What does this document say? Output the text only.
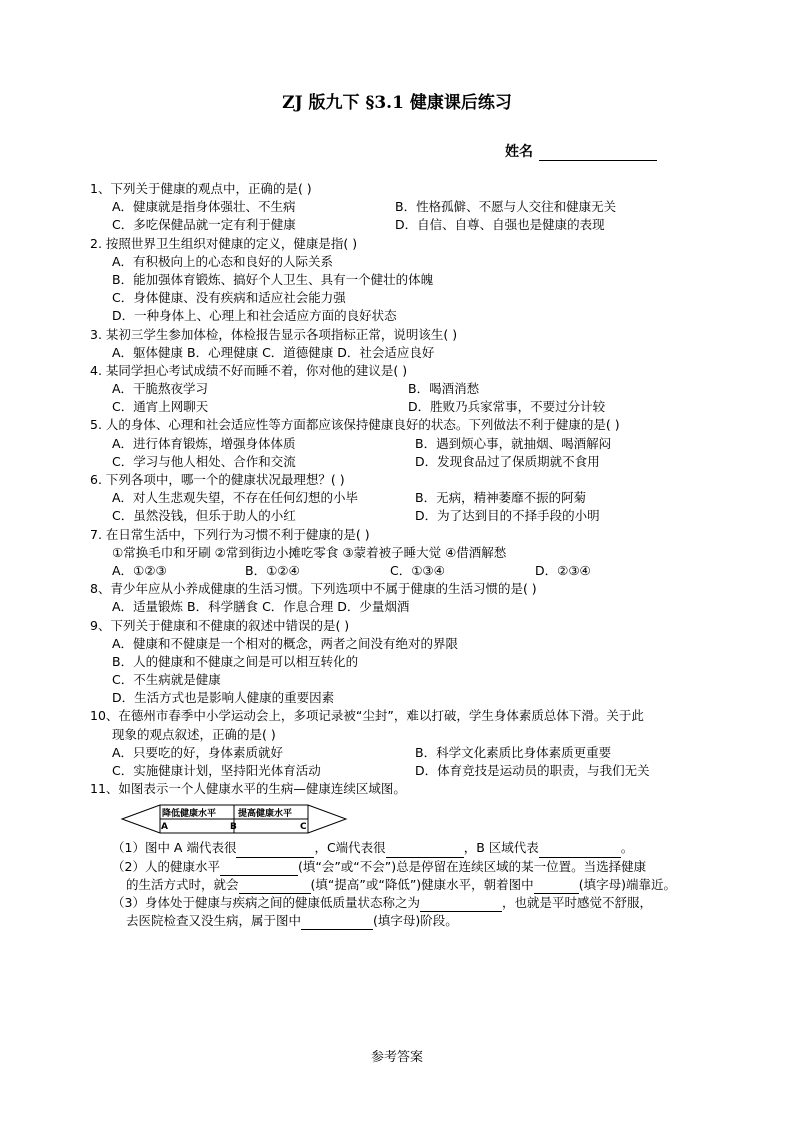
ZJ 版九下 §3.1 健康课后练习
姓名
1、下列关于健康的观点中，正确的是( )
A．健康就是指身体强壮、不生病	B．性格孤僻、不愿与人交往和健康无关
C．多吃保健品就一定有利于健康	D．自信、自尊、自强也是健康的表现
2. 按照世界卫生组织对健康的定义，健康是指( )
A．有积极向上的心态和良好的人际关系
B．能加强体育锻炼、搞好个人卫生、具有一个健壮的体魄
C．身体健康、没有疾病和适应社会能力强
D．一种身体上、心理上和社会适应方面的良好状态
3. 某初三学生参加体检，体检报告显示各项指标正常，说明该生( )
A．躯体健康 B．心理健康 C．道德健康 D．社会适应良好
4. 某同学担心考试成绩不好而睡不着，你对他的建议是( )
A．干脆熬夜学习	B．喝酒消愁
C．通宵上网聊天	D．胜败乃兵家常事，不要过分计较
5. 人的身体、心理和社会适应性等方面都应该保持健康良好的状态。下列做法不利于健康的是( )
A．进行体育锻炼，增强身体体质	B．遇到烦心事，就抽烟、喝酒解闷
C．学习与他人相处、合作和交流	D．发现食品过了保质期就不食用
6. 下列各项中，哪一个的健康状况最理想？( )
A．对人生悲观失望，不存在任何幻想的小毕	B．无病，精神萎靡不振的阿菊
C．虽然没钱，但乐于助人的小红	D．为了达到目的不择手段的小明
7. 在日常生活中，下列行为习惯不利于健康的是( )
①常换毛巾和牙刷 ②常到街边小摊吃零食 ③蒙着被子睡大觉 ④借酒解愁
A．①②③	B．①②④	C．①③④	D．②③④
8、青少年应从小养成健康的生活习惯。下列选项中不属于健康的生活习惯的是( )
A．适量锻炼 B．科学膳食 C．作息合理 D．少量烟酒
9、下列关于健康和不健康的叙述中错误的是( )
A．健康和不健康是一个相对的概念，两者之间没有绝对的界限
B．人的健康和不健康之间是可以相互转化的
C．不生病就是健康
D．生活方式也是影响人健康的重要因素
10、在德州市春季中小学运动会上，多项记录被“尘封”，难以打破，学生身体素质总体下滑。关于此
现象的观点叙述，正确的是( )
A．只要吃的好，身体素质就好	B．科学文化素质比身体素质更重要
C．实施健康计划，坚持阳光体育活动	D．体育竞技是运动员的职责，与我们无关
11、如图表示一个人健康水平的生病—健康连续区域图。
降低健康水平 提高健康水平
A	B	C
（1）图中 A 端代表很	，C端代表很	，B 区域代表	。
（2）人的健康水平	(填“会”或“不会”)总是停留在连续区域的某一位置。当选择健康
的生活方式时，就会	(填“提高”或“降低”)健康水平，朝着图中	(填字母)端靠近。
（3）身体处于健康与疾病之间的健康低质量状态称之为	，也就是平时感觉不舒服，
去医院检查又没生病，属于图中	(填字母)阶段。
参考答案
